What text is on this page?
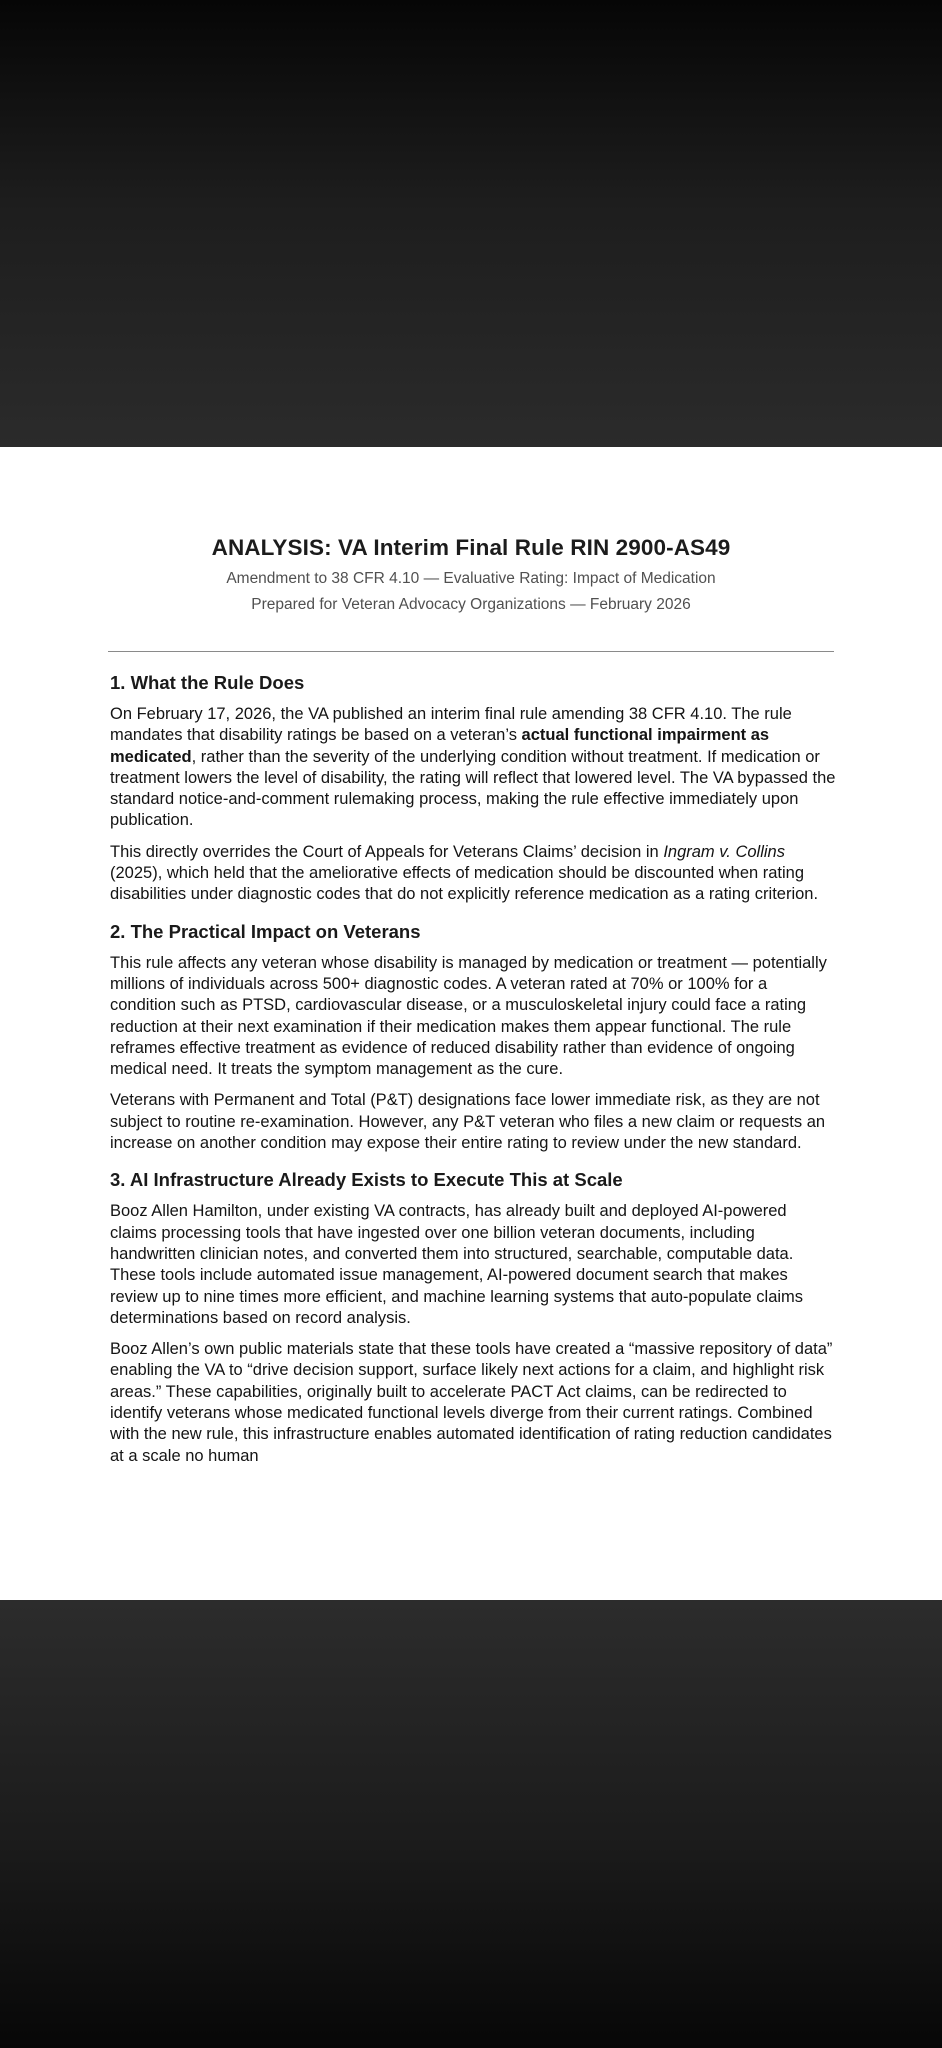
ANALYSIS: VA Interim Final Rule RIN 2900-AS49
Amendment to 38 CFR 4.10 — Evaluative Rating: Impact of Medication
Prepared for Veteran Advocacy Organizations — February 2026
1. What the Rule Does

On February 17, 2026, the VA published an interim final rule amending 38 CFR 4.10. The rule mandates that disability ratings be based on a veteran’s actual functional impairment as medicated, rather than the severity of the underlying condition without treatment. If medication or treatment lowers the level of disability, the rating will reflect that lowered level. The VA bypassed the standard notice-and-comment rulemaking process, making the rule effective immediately upon publication.

This directly overrides the Court of Appeals for Veterans Claims’ decision in Ingram v. Collins (2025), which held that the ameliorative effects of medication should be discounted when rating disabilities under diagnostic codes that do not explicitly reference medication as a rating criterion.

2. The Practical Impact on Veterans

This rule affects any veteran whose disability is managed by medication or treatment — potentially millions of individuals across 500+ diagnostic codes. A veteran rated at 70% or 100% for a condition such as PTSD, cardiovascular disease, or a musculoskeletal injury could face a rating reduction at their next examination if their medication makes them appear functional. The rule reframes effective treatment as evidence of reduced disability rather than evidence of ongoing medical need. It treats the symptom management as the cure.

Veterans with Permanent and Total (P&T) designations face lower immediate risk, as they are not subject to routine re-examination. However, any P&T veteran who files a new claim or requests an increase on another condition may expose their entire rating to review under the new standard.

3. AI Infrastructure Already Exists to Execute This at Scale

Booz Allen Hamilton, under existing VA contracts, has already built and deployed AI-powered claims processing tools that have ingested over one billion veteran documents, including handwritten clinician notes, and converted them into structured, searchable, computable data. These tools include automated issue management, AI-powered document search that makes review up to nine times more efficient, and machine learning systems that auto-populate claims determinations based on record analysis.

Booz Allen’s own public materials state that these tools have created a “massive repository of data” enabling the VA to “drive decision support, surface likely next actions for a claim, and highlight risk areas.” These capabilities, originally built to accelerate PACT Act claims, can be redirected to identify veterans whose medicated functional levels diverge from their current ratings. Combined with the new rule, this infrastructure enables automated identification of rating reduction candidates at a scale no human
